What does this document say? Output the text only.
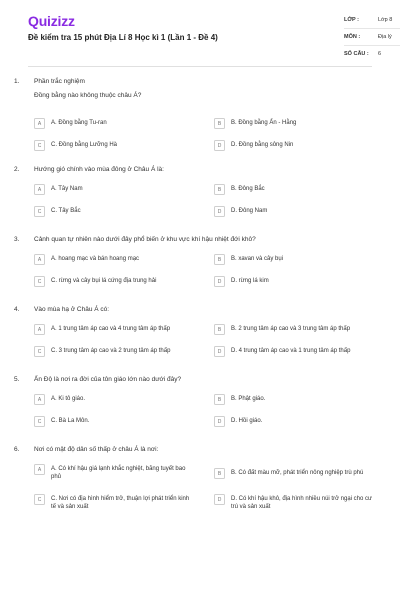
Quizizz
Đề kiểm tra 15 phút Địa Lí 8 Học kì 1 (Lần 1 - Đề 4)
LỚP :	Lớp 8
MÔN :	Địa lý
SỐ CÂU :	6
1. Phần trắc nghiệm
Đồng bằng nào không thuộc châu Á?
A	A. Đồng bằng Tu-ran	B	B. Đồng bằng Ấn - Hằng
C	C. Đồng bằng Lưỡng Hà	D	D. Đồng bằng sông Nin
2. Hướng gió chính vào mùa đông ở Châu Á là:
A	A. Tây Nam	B	B. Đông Bắc
C	C. Tây Bắc	D	D. Đông Nam
3. Cảnh quan tự nhiên nào dưới đây phổ biến ở khu vực khí hậu nhiệt đới khô?
A	A. hoang mạc và bán hoang mạc	B	B. xavan và cây bụi
C	C. rừng và cây bụi lá cứng địa trung hải	D	D. rừng lá kim
4. Vào mùa hạ ở Châu Á có:
A	A. 1 trung tâm áp cao và 4 trung tâm áp thấp	B	B. 2 trung tâm áp cao và 3 trung tâm áp thấp
C	C. 3 trung tâm áp cao và 2 trung tâm áp thấp	D	D. 4 trung tâm áp cao và 1 trung tâm áp thấp
5. Ấn Độ là nơi ra đời của tôn giáo lớn nào dưới đây?
A	A. Ki tô giáo.	B	B. Phật giáo.
C	C. Bà La Môn.	D	D. Hồi giáo.
6. Nơi có mật độ dân số thấp ở châu Á là nơi:
A	A. Có khí hậu giá lạnh khắc nghiệt, băng tuyết bao phủ
B	B. Có đất màu mỡ, phát triển nông nghiệp trù phú
C	C. Nơi có địa hình hiểm trở, thuận lợi phát triển kinh tế và sản xuất
D	D. Có khí hậu khô, địa hình nhiều núi trở ngại cho cư trú và sản xuất
